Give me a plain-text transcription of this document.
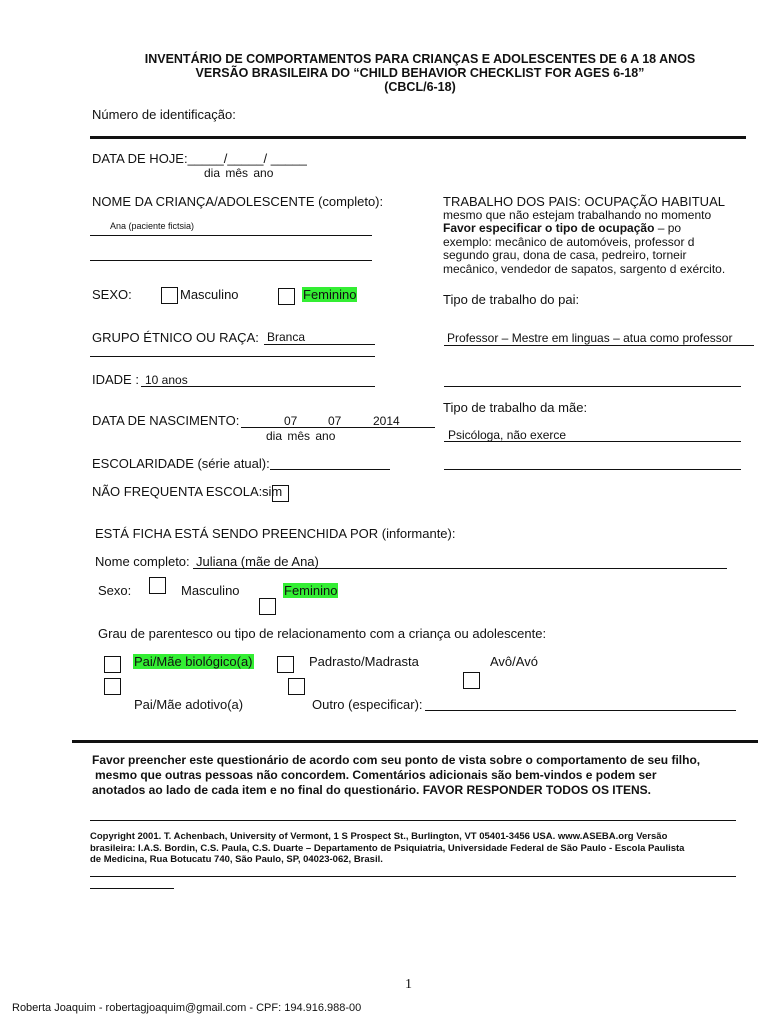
INVENTÁRIO DE COMPORTAMENTOS PARA CRIANÇAS E ADOLESCENTES DE 6 A 18 ANOS
VERSÃO BRASILEIRA DO “CHILD BEHAVIOR CHECKLIST FOR AGES 6-18”
(CBCL/6-18)
Número de identificação:
DATA DE HOJE:_____/_____/ _____
dia mês ano
NOME DA CRIANÇA/ADOLESCENTE (completo):
Ana (paciente fictsia)
TRABALHO DOS PAIS: OCUPAÇÃO HABITUAL
mesmo que não estejam trabalhando no momento
Favor especificar o tipo de ocupação – po
exemplo: mecânico de automóveis, professor d
segundo grau, dona de casa, pedreiro, torneir
mecânico, vendedor de sapatos, sargento d exército.
SEXO:	Masculino	Feminino	Tipo de trabalho do pai:
GRUPO ÉTNICO OU RAÇA: Branca	Professor – Mestre em linguas – atua como professor
IDADE : 10 anos
DATA DE NASCIMENTO:	07	07	2014
dia mês ano
Tipo de trabalho da mãe:
Psicóloga, não exerce
ESCOLARIDADE (série atual):
NÃO FREQUENTA ESCOLA: sim
ESTÁ FICHA ESTÁ SENDO PREENCHIDA POR (informante):
Nome completo: Juliana (mãe de Ana)
Sexo:	Masculino	Feminino
Grau de parentesco ou tipo de relacionamento com a criança ou adolescente:
Pai/Mãe biológico(a)	Padrasto/Madrasta	Avô/Avó
Pai/Mãe adotivo(a)	Outro (especificar):
Favor preencher este questionário de acordo com seu ponto de vista sobre o comportamento de seu filho,
mesmo que outras pessoas não concordem. Comentários adicionais são bem-vindos e podem ser
anotados ao lado de cada item e no final do questionário. FAVOR RESPONDER TODOS OS ITENS.
Copyright 2001. T. Achenbach, University of Vermont, 1 S Prospect St., Burlington, VT 05401-3456 USA. www.ASEBA.org Versão
brasileira: I.A.S. Bordin, C.S. Paula, C.S. Duarte – Departamento de Psiquiatria, Universidade Federal de São Paulo - Escola Paulista
de Medicina, Rua Botucatu 740, São Paulo, SP, 04023-062, Brasil.
1
Roberta Joaquim - robertagjoaquim@gmail.com - CPF: 194.916.988-00
